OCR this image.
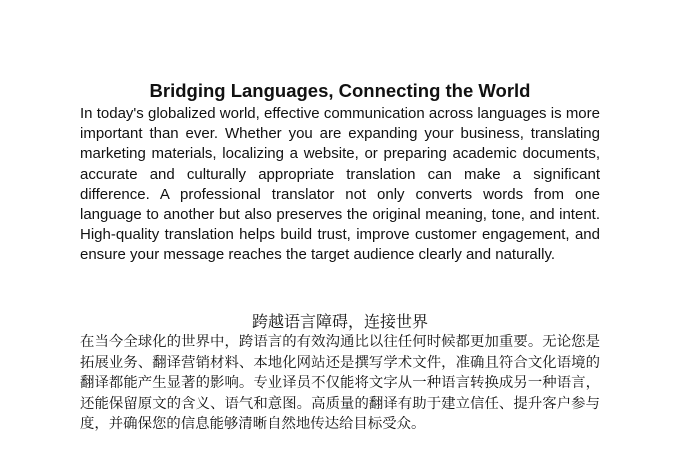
Bridging Languages, Connecting the World

In today's globalized world, effective communication across languages is more important than ever. Whether you are expanding your business, translating marketing materials, localizing a website, or preparing academic documents, accurate and culturally appropriate translation can make a significant difference. A professional translator not only converts words from one language to another but also preserves the original meaning, tone, and intent. High-quality translation helps build trust, improve customer engagement, and ensure your message reaches the target audience clearly and naturally.

跨越语言障碍，连接世界

在当今全球化的世界中，跨语言的有效沟通比以往任何时候都更加重要。无论您是拓展业务、翻译营销材料、本地化网站还是撰写学术文件，准确且符合文化语境的翻译都能产生显著的影响。专业译员不仅能将文字从一种语言转换成另一种语言，还能保留原文的含义、语气和意图。高质量的翻译有助于建立信任、提升客户参与度，并确保您的信息能够清晰自然地传达给目标受众。
